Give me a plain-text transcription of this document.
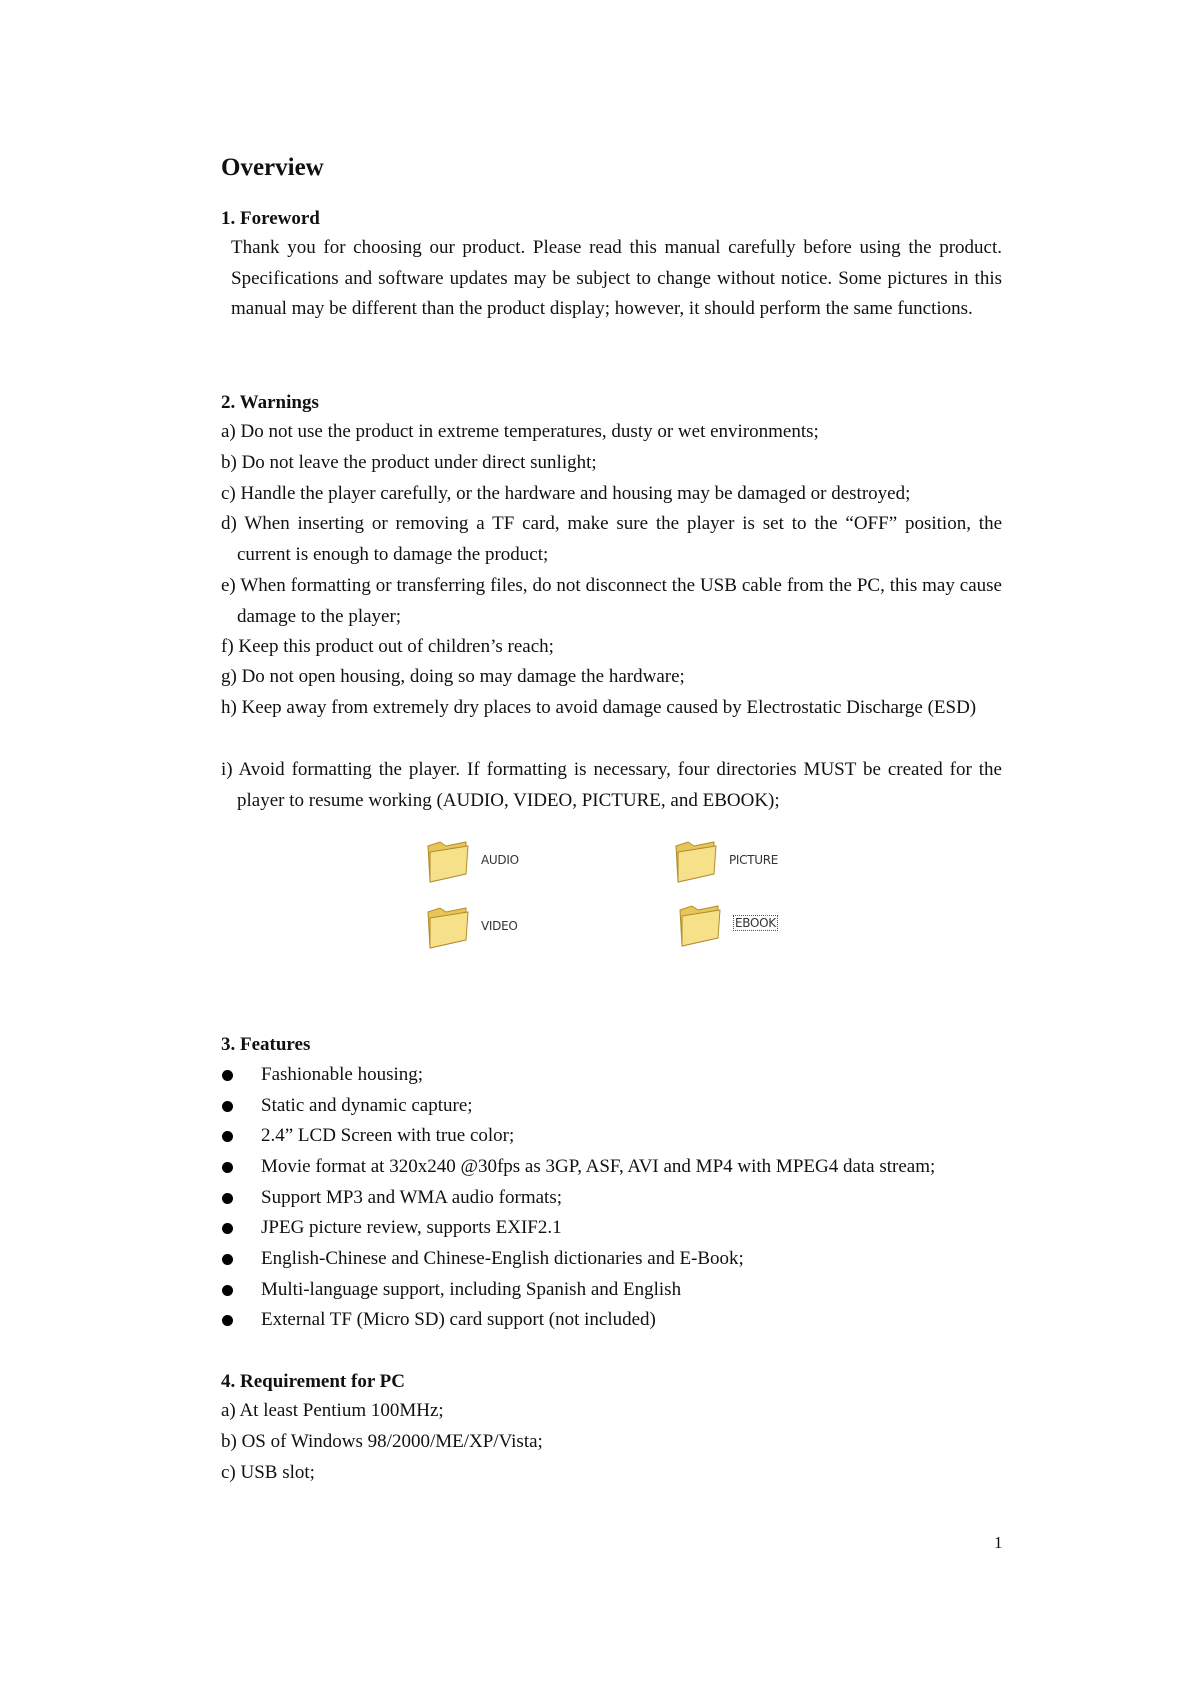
Overview
1. Foreword

Thank you for choosing our product. Please read this manual carefully before using the product. Specifications and software updates may be subject to change without notice. Some pictures in this manual may be different than the product display; however, it should perform the same functions.

2. Warnings

a) Do not use the product in extreme temperatures, dusty or wet environments;

b) Do not leave the product under direct sunlight;

c) Handle the player carefully, or the hardware and housing may be damaged or destroyed;

d) When inserting or removing a TF card, make sure the player is set to the “OFF” position, the current is enough to damage the product;

e) When formatting or transferring files, do not disconnect the USB cable from the PC, this may cause damage to the player;

f) Keep this product out of children’s reach;

g) Do not open housing, doing so may damage the hardware;

h) Keep away from extremely dry places to avoid damage caused by Electrostatic Discharge (ESD)

i) Avoid formatting the player. If formatting is necessary, four directories MUST be created for the player to resume working (AUDIO, VIDEO, PICTURE, and EBOOK);

3. Features
Fashionable housing;
Static and dynamic capture;
2.4” LCD Screen with true color;
Movie format at 320x240 @30fps as 3GP, ASF, AVI and MP4 with MPEG4 data stream;
Support MP3 and WMA audio formats;
JPEG picture review, supports EXIF2.1
English-Chinese and Chinese-English dictionaries and E-Book;
Multi-language support, including Spanish and English
External TF (Micro SD) card support (not included)
4. Requirement for PC

a) At least Pentium 100MHz;

b) OS of Windows 98/2000/ME/XP/Vista;

c) USB slot;

AUDIO	PICTURE
VIDEO	EBOOK
1
